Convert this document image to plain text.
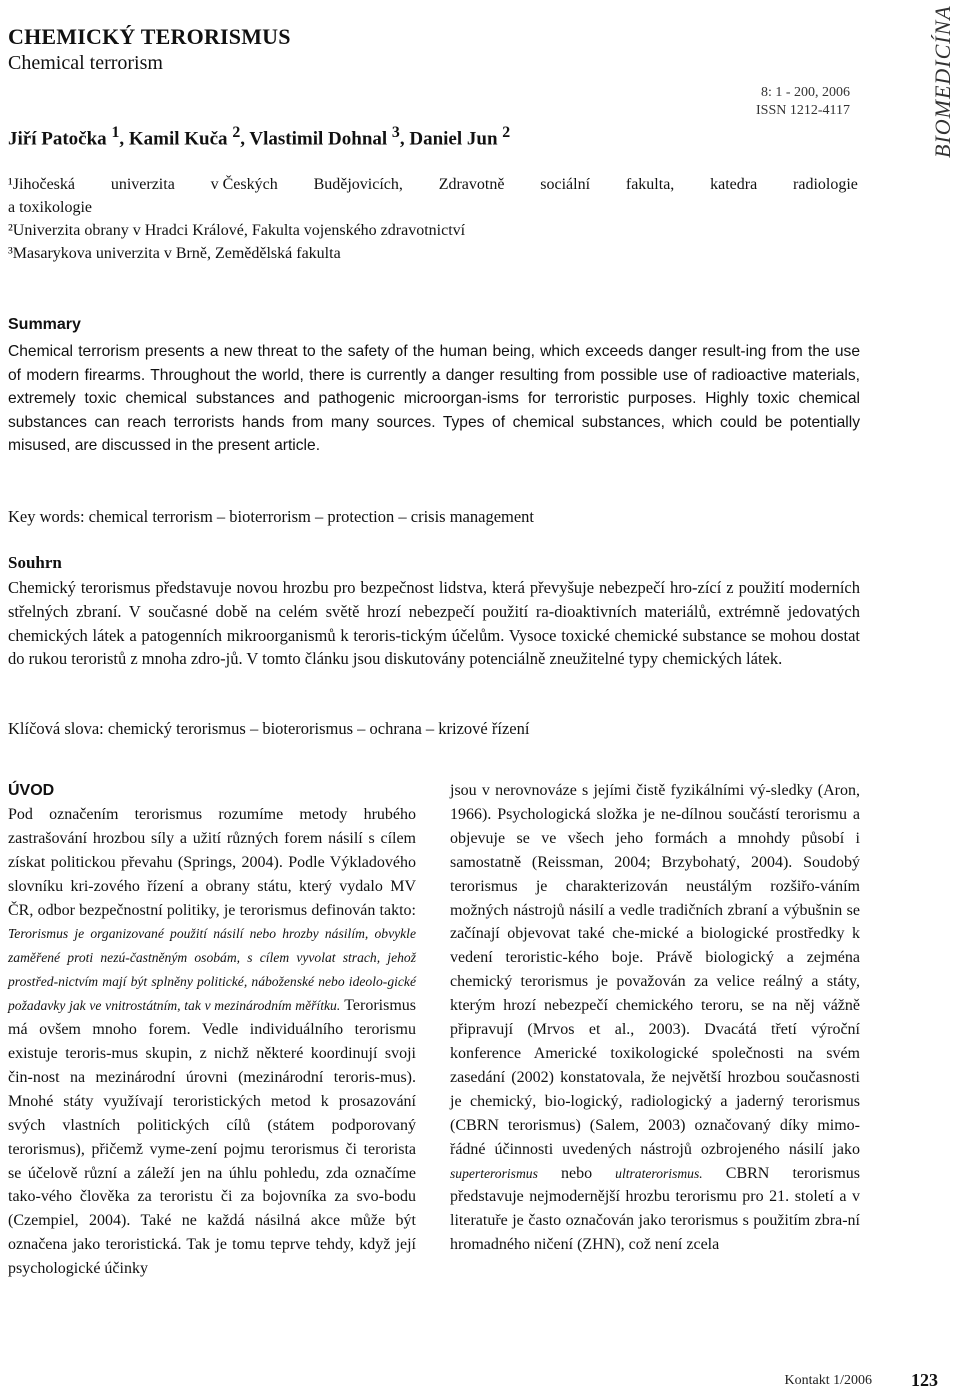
CHEMICKÝ TERORISMUS
Chemical terrorism
Jiří Patočka $^1$, Kamil Kuča $^2$, Vlastimil Dohnal $^3$, Daniel Jun $^2$
8: 1 - 200, 2006
ISSN 1212-4117	BIOMEDICÍNA
¹Jihočeská univerzita v Českých Budějovicích, Zdravotně sociální fakulta, katedra radiologie
a toxikologie
²Univerzita obrany v Hradci Králové, Fakulta vojenského zdravotnictví
³Masarykova univerzita v Brně, Zemědělská fakulta
Summary
Chemical terrorism presents a new threat to the safety of the human being, which exceeds danger result-ing from the use of modern firearms. Throughout the world, there is currently a danger resulting from possible use of radioactive materials, extremely toxic chemical substances and pathogenic microorgan-isms for terroristic purposes. Highly toxic chemical substances can reach terrorists hands from many sources. Types of chemical substances, which could be potentially misused, are discussed in the present article.
Key words: chemical terrorism – bioterrorism – protection – crisis management
Souhrn
Chemický terorismus představuje novou hrozbu pro bezpečnost lidstva, která převyšuje nebezpečí hro-zící z použití moderních střelných zbraní. V současné době na celém světě hrozí nebezpečí použití ra-dioaktivních materiálů, extrémně jedovatých chemických látek a patogenních mikroorganismů k teroris-tickým účelům. Vysoce toxické chemické substance se mohou dostat do rukou teroristů z mnoha zdro-jů. V tomto článku jsou diskutovány potenciálně zneužitelné typy chemických látek.
Klíčová slova: chemický terorismus – bioterorismus – ochrana – krizové řízení
ÚVOD
Pod označením terorismus rozumíme metody hrubého zastrašování hrozbou síly a užití různých forem násilí s cílem získat politickou převahu (Springs, 2004). Podle Výkladového slovníku kri-zového řízení a obrany státu, který vydalo MV ČR, odbor bezpečnostní politiky, je terorismus definován takto: Terorismus je organizované použití násilí nebo hrozby násilím, obvykle zaměřené proti nezú-častněným osobám, s cílem vyvolat strach, jehož prostřed-nictvím mají být splněny politické, náboženské nebo ideolo-gické požadavky jak ve vnitrostátním, tak v mezinárodním měřítku. Terorismus má ovšem mnoho forem. Vedle individuálního terorismu existuje teroris-mus skupin, z nichž některé koordinují svoji čin-nost na mezinárodní úrovni (mezinárodní teroris-mus). Mnohé státy využívají teroristických metod k prosazování svých vlastních politických cílů (státem podporovaný terorismus), přičemž vyme-zení pojmu terorismus či terorista se účelově různí a záleží jen na úhlu pohledu, zda označíme tako-vého člověka za teroristu či za bojovníka za svo-bodu (Czempiel, 2004). Také ne každá násilná akce může být označena jako teroristická. Tak je tomu teprve tehdy, když její psychologické účinky
jsou v nerovnováze s jejími čistě fyzikálními vý-sledky (Aron, 1966). Psychologická složka je ne-dílnou součástí terorismu a objevuje se ve všech jeho formách a mnohdy působí i samostatně (Reissman, 2004; Brzybohatý, 2004). Soudobý terorismus je charakterizován neustálým rozšiřo-váním možných nástrojů násilí a vedle tradičních zbraní a výbušnin se začínají objevovat také che-mické a biologické prostředky k vedení teroristic-kého boje. Právě biologický a zejména chemický terorismus je považován za velice reálný a státy, kterým hrozí nebezpečí chemického teroru, se na něj vážně připravují (Mrvos et al., 2003). Dvacátá třetí výroční konference Americké toxikologické společnosti na svém zasedání (2002) konstatovala, že největší hrozbou současnosti je chemický, bio-logický, radiologický a jaderný terorismus (CBRN terorismus) (Salem, 2003) označovaný díky mimo-řádné účinnosti uvedených nástrojů ozbrojeného násilí jako superterorismus nebo ultraterorismus. CBRN terorismus představuje nejmodernější hrozbu terorismu pro 21. století a v literatuře je často označován jako terorismus s použitím zbra-ní hromadného ničení (ZHN), což není zcela
Kontakt 1/2006 123
